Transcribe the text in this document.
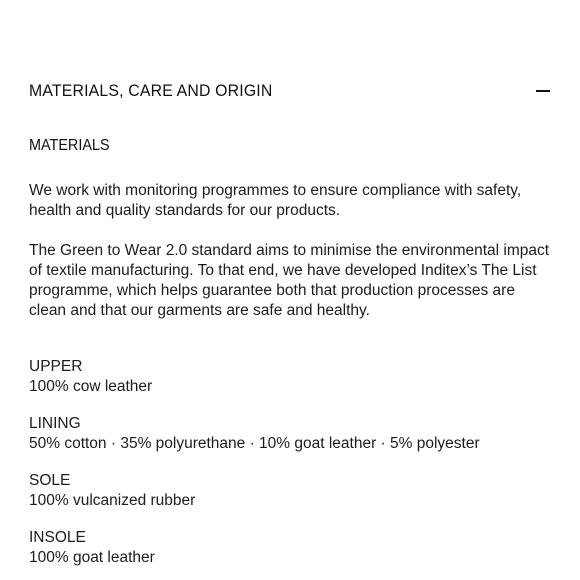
MATERIALS, CARE AND ORIGIN
MATERIALS

We work with monitoring programmes to ensure compliance with safety, health and quality standards for our products.

The Green to Wear 2.0 standard aims to minimise the environmental impact of textile manufacturing. To that end, we have developed Inditex’s The List programme, which helps guarantee both that production processes are clean and that our garments are safe and healthy.

UPPER
100% cow leather
LINING
50% cotton · 35% polyurethane · 10% goat leather · 5% polyester
SOLE
100% vulcanized rubber
INSOLE
100% goat leather
